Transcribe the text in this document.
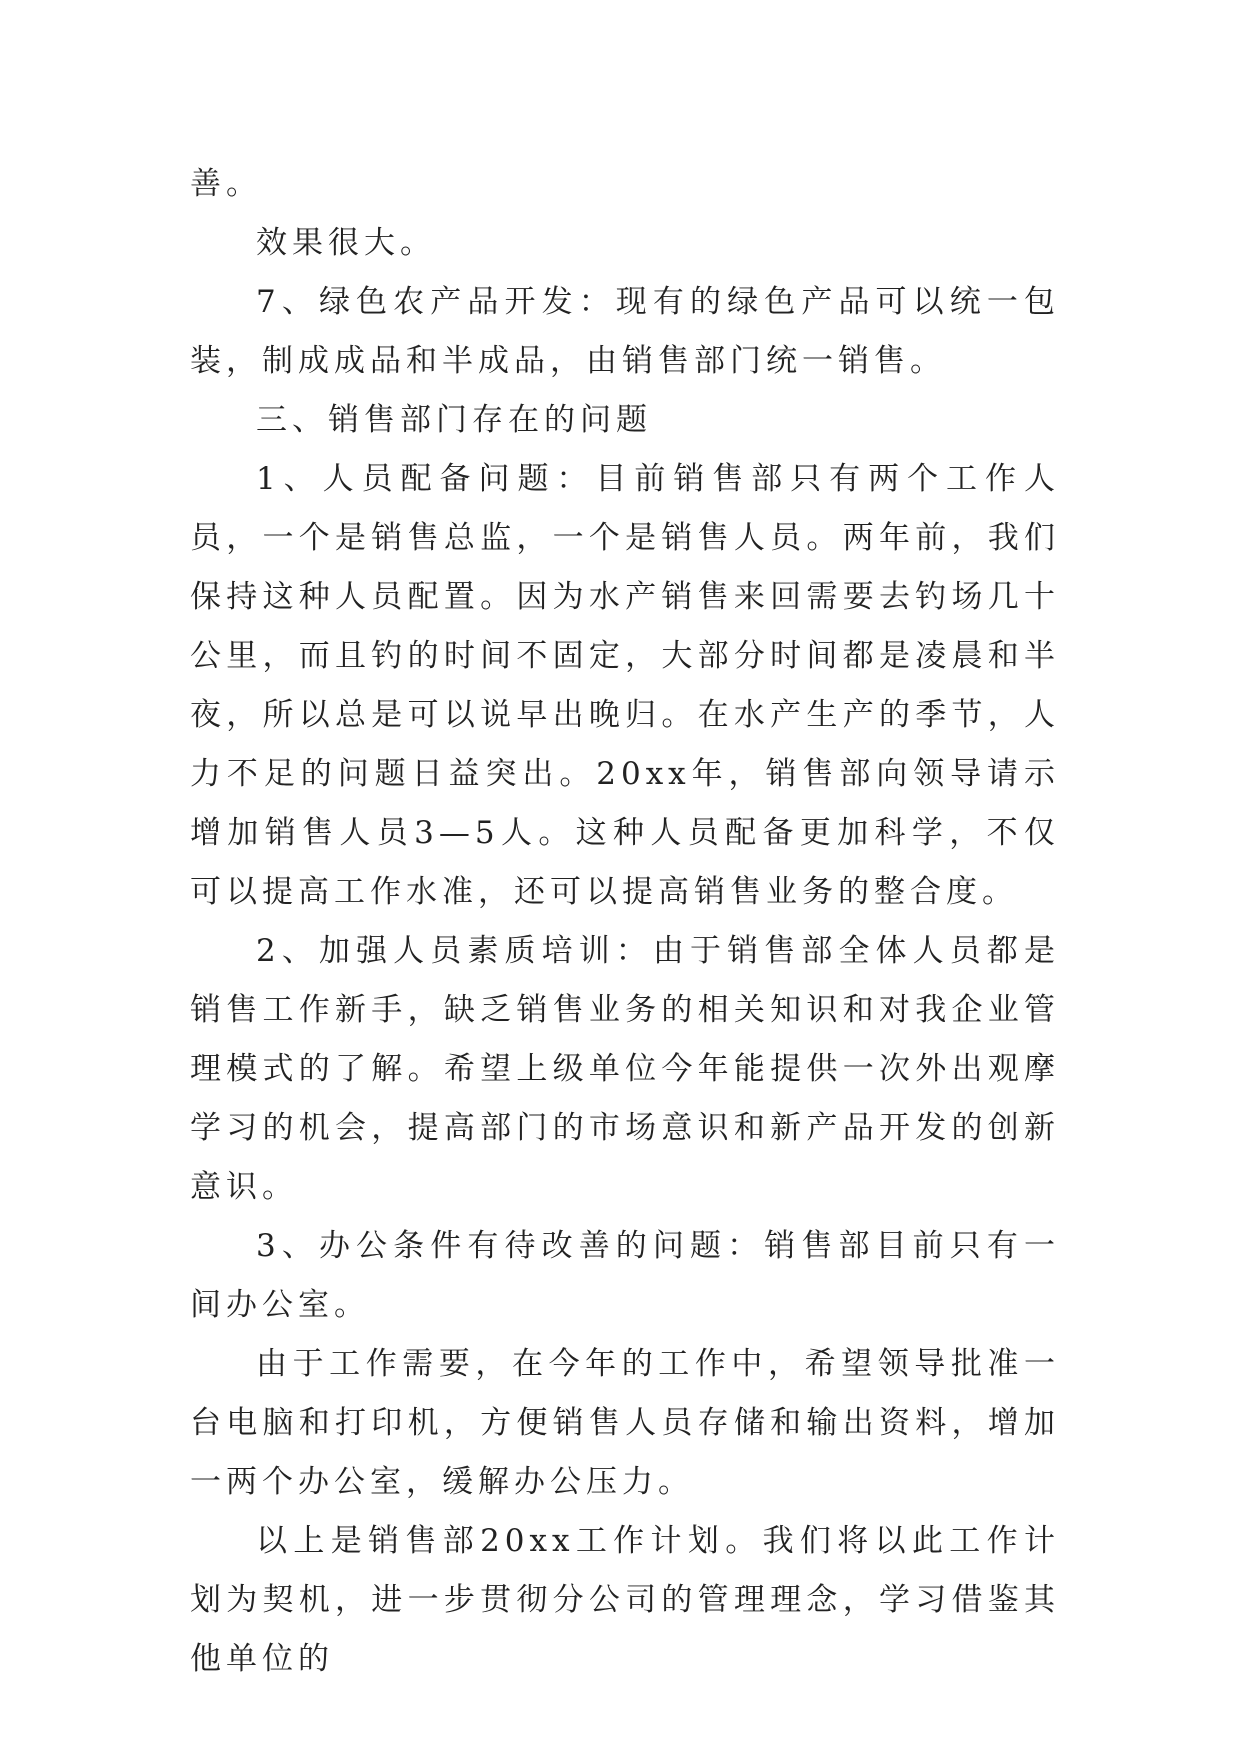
善。

效果很大。

7、绿色农产品开发：现有的绿色产品可以统一包装，制成成品和半成品，由销售部门统一销售。

三、销售部门存在的问题

1、人员配备问题：目前销售部只有两个工作人员，一个是销售总监，一个是销售人员。两年前，我们保持这种人员配置。因为水产销售来回需要去钓场几十公里，而且钓的时间不固定，大部分时间都是凌晨和半夜，所以总是可以说早出晚归。在水产生产的季节，人力不足的问题日益突出。20xx年，销售部向领导请示增加销售人员3—5人。这种人员配备更加科学，不仅可以提高工作水准，还可以提高销售业务的整合度。

2、加强人员素质培训：由于销售部全体人员都是销售工作新手，缺乏销售业务的相关知识和对我企业管理模式的了解。希望上级单位今年能提供一次外出观摩学习的机会，提高部门的市场意识和新产品开发的创新意识。

3、办公条件有待改善的问题：销售部目前只有一间办公室。

由于工作需要，在今年的工作中，希望领导批准一台电脑和打印机，方便销售人员存储和输出资料，增加一两个办公室，缓解办公压力。

以上是销售部20xx工作计划。我们将以此工作计划为契机，进一步贯彻分公司的管理理念，学习借鉴其他单位的
